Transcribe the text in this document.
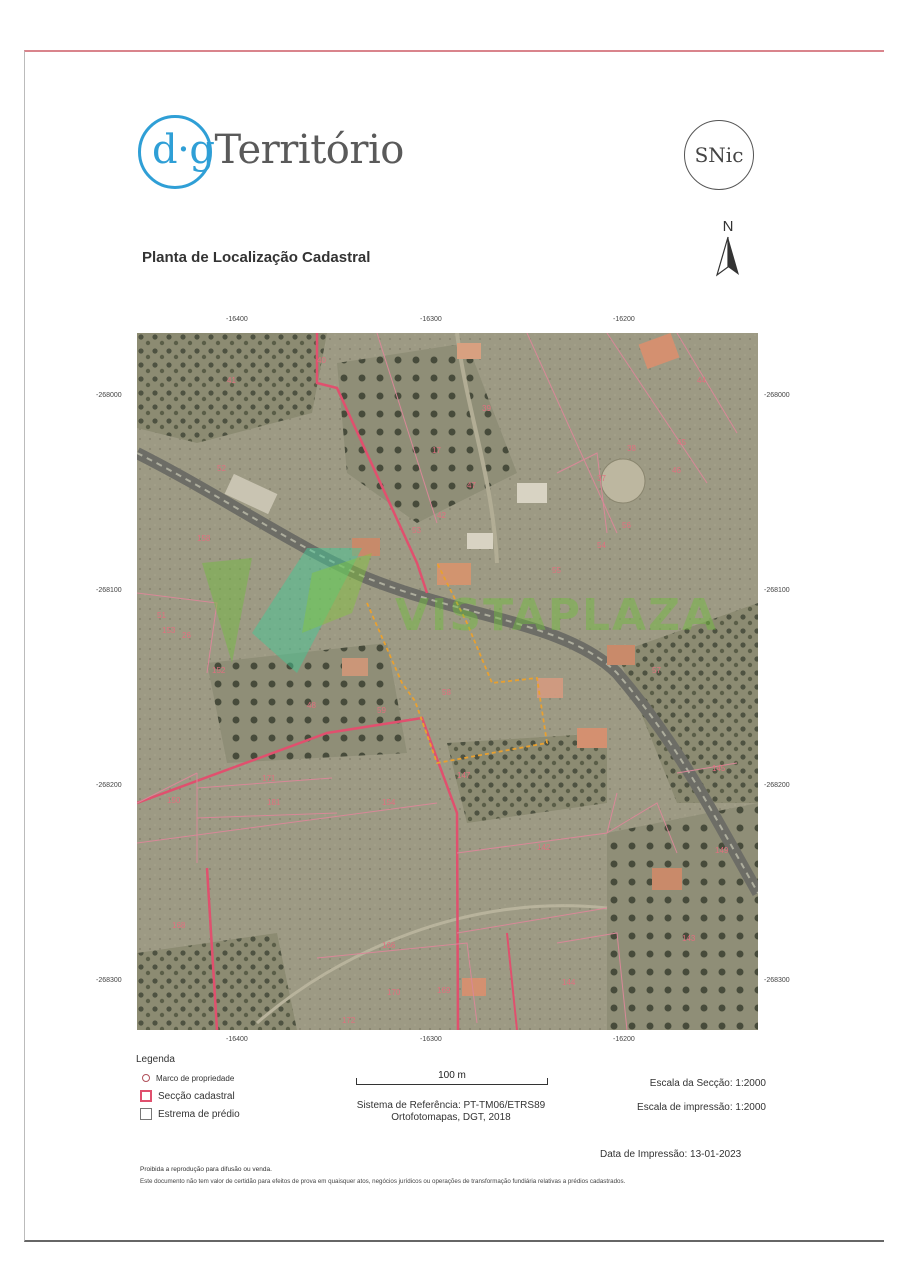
d·gTerritório	SNic
N
Planta de Localização Cadastral
-16400	-16300	-16200
-16400	-16300	-16200
-268000
-268100
-268200
-268300
-268000
-268100
-268200
-268300
41
40
39
17
52
37
38
44
45
46
42
47
53
54
55
56
57
58
59
26
51
48
158
153
152
171
181
150	154
142
145
168
166
169
172
170
144
143
147
149
VISTAPLAZA
Legenda
Marco de propriedade
Secção cadastral
Estrema de prédio
100 m
Sistema de Referência: PT-TM06/ETRS89
Ortofotomapas, DGT, 2018
Escala da Secção: 1:2000
Escala de impressão: 1:2000
Data de Impressão: 13-01-2023
Proibida a reprodução para difusão ou venda.
Este documento não tem valor de certidão para efeitos de prova em quaisquer atos, negócios jurídicos ou operações de transformação fundiária relativas a prédios cadastrados.
